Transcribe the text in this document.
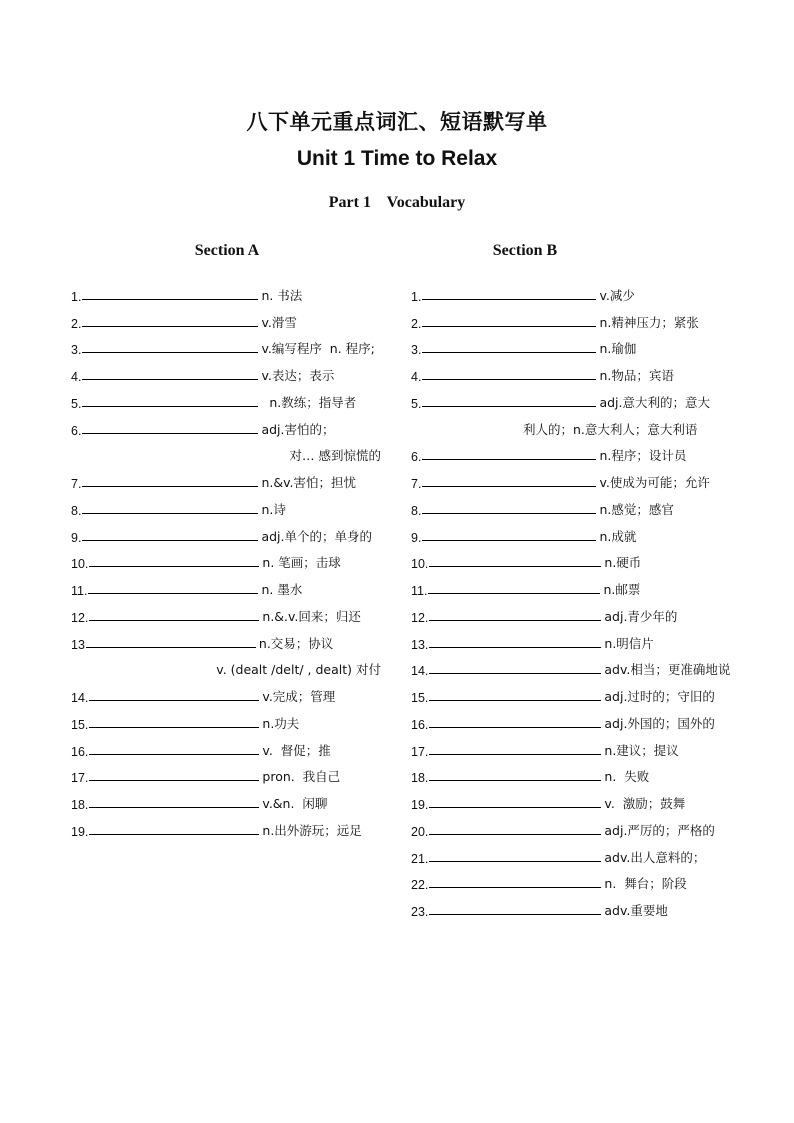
八下单元重点词汇、短语默写单
Unit 1 Time to Relax
Part 1    Vocabulary
Section A	Section B
1.	n. 书法
2.	v.滑雪
3.	v.编写程序  n. 程序;
4.	v.表达；表示
5.	n.教练；指导者
6.	adj.害怕的；
对… 感到惊慌的
7.	n.&v.害怕；担忧
8.	n.诗
9.	adj.单个的；单身的
10.	n. 笔画；击球
11.	n. 墨水
12.	n.&.v.回来；归还
13	n.交易；协议
v. (dealt /delt/ , dealt) 对付
14.	v.完成；管理
15.	n.功夫
16.	v.  督促；推
17.	pron.  我自己
18.	v.&n.  闲聊
19.	n.出外游玩；远足
1.	v.减少
2.	n.精神压力；紧张
3.	n.瑜伽
4.	n.物品；宾语
5.	adj.意大利的；意大
利人的；n.意大利人；意大利语
6.	n.程序；设计员
7.	v.使成为可能；允许
8.	n.感觉；感官
9.	n.成就
10.	n.硬币
11.	n.邮票
12.	adj.青少年的
13.	n.明信片
14.	adv.相当；更准确地说
15.	adj.过时的；守旧的
16.	adj.外国的；国外的
17.	n.建议；提议
18.	n.  失败
19.	v.  激励；鼓舞
20.	adj.严厉的；严格的
21.	adv.出人意料的；
22.	n.  舞台；阶段
23.	adv.重要地
